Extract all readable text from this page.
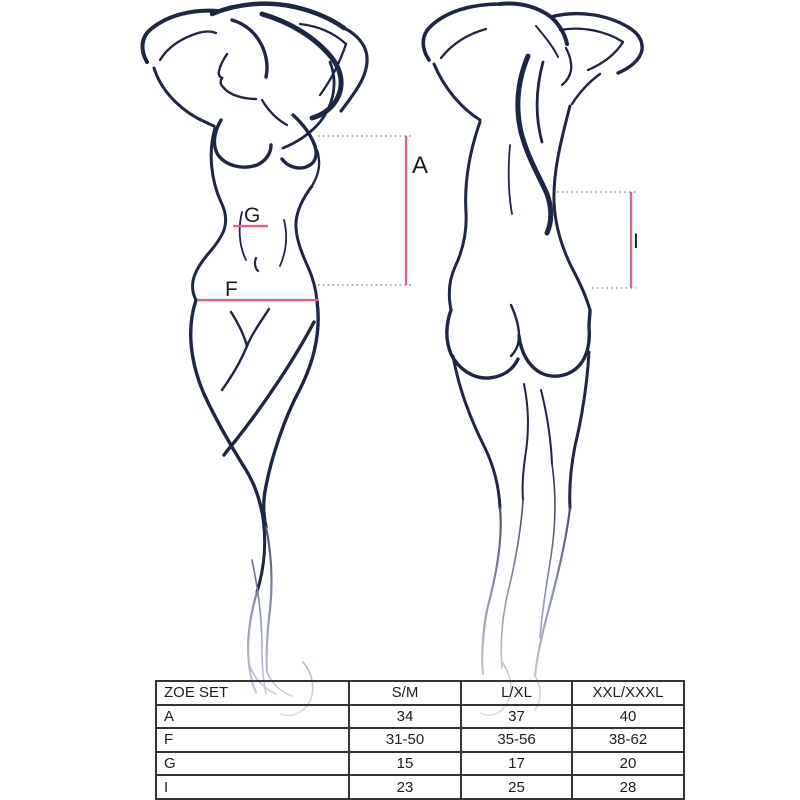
A
G
F
I
ZOE SET	S/M	L/XL	XXL/XXXL
A	34	37	40
F	31-50	35-56	38-62
G	15	17	20
I	23	25	28
